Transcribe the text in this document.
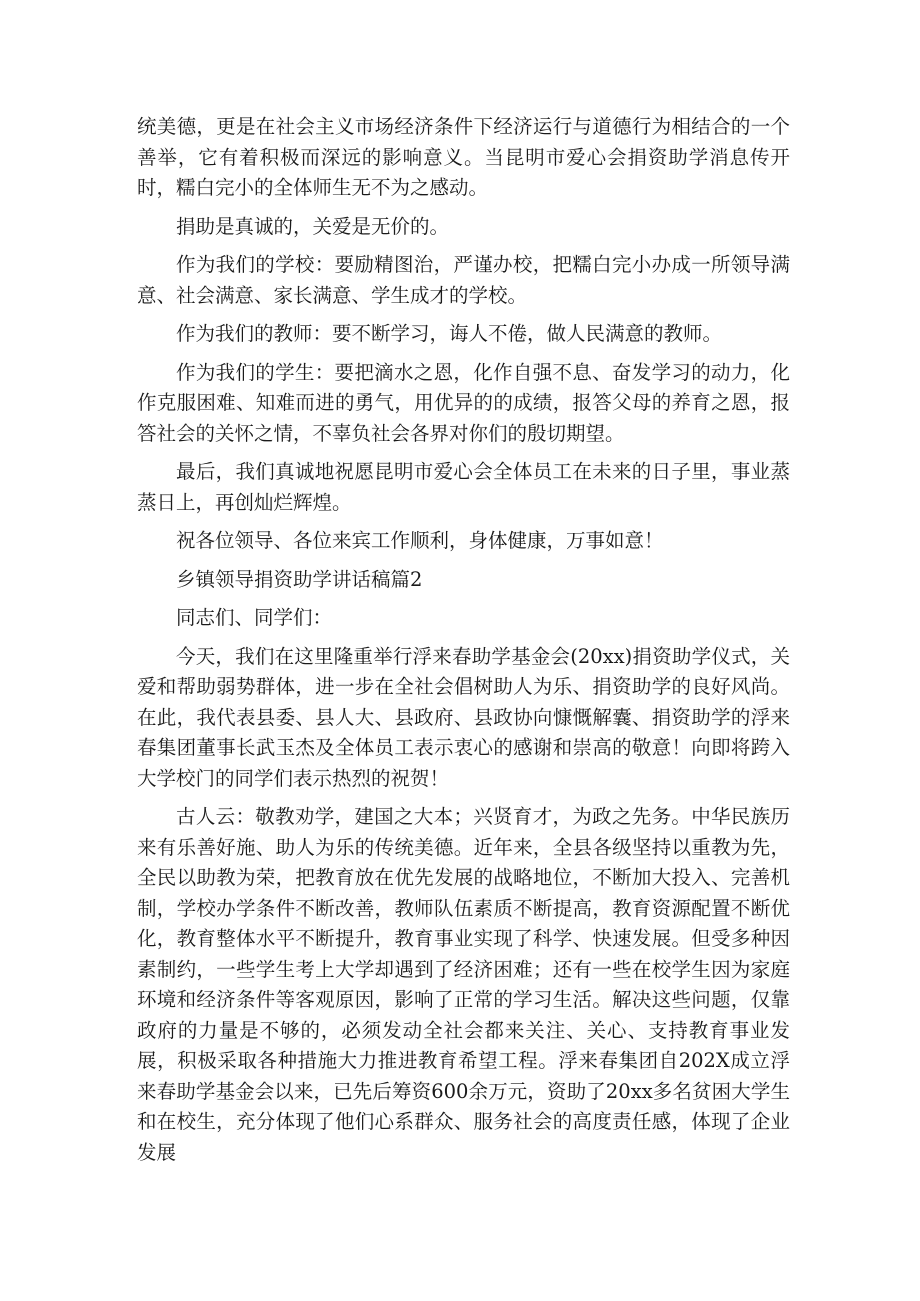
统美德，更是在社会主义市场经济条件下经济运行与道德行为相结合的一个善举，它有着积极而深远的影响意义。当昆明市爱心会捐资助学消息传开时，糯白完小的全体师生无不为之感动。

捐助是真诚的，关爱是无价的。

作为我们的学校：要励精图治，严谨办校，把糯白完小办成一所领导满意、社会满意、家长满意、学生成才的学校。

作为我们的教师：要不断学习，诲人不倦，做人民满意的教师。

作为我们的学生：要把滴水之恩，化作自强不息、奋发学习的动力，化作克服困难、知难而进的勇气，用优异的的成绩，报答父母的养育之恩，报答社会的关怀之情，不辜负社会各界对你们的殷切期望。

最后，我们真诚地祝愿昆明市爱心会全体员工在未来的日子里，事业蒸蒸日上，再创灿烂辉煌。

祝各位领导、各位来宾工作顺利，身体健康，万事如意！

乡镇领导捐资助学讲话稿篇2

同志们、同学们：

今天，我们在这里隆重举行浮来春助学基金会(20xx)捐资助学仪式，关爱和帮助弱势群体，进一步在全社会倡树助人为乐、捐资助学的良好风尚。在此，我代表县委、县人大、县政府、县政协向慷慨解囊、捐资助学的浮来春集团董事长武玉杰及全体员工表示衷心的感谢和崇高的敬意！向即将跨入大学校门的同学们表示热烈的祝贺！

古人云：敬教劝学，建国之大本；兴贤育才，为政之先务。中华民族历来有乐善好施、助人为乐的传统美德。近年来，全县各级坚持以重教为先，全民以助教为荣，把教育放在优先发展的战略地位，不断加大投入、完善机制，学校办学条件不断改善，教师队伍素质不断提高，教育资源配置不断优化，教育整体水平不断提升，教育事业实现了科学、快速发展。但受多种因素制约，一些学生考上大学却遇到了经济困难；还有一些在校学生因为家庭环境和经济条件等客观原因，影响了正常的学习生活。解决这些问题，仅靠政府的力量是不够的，必须发动全社会都来关注、关心、支持教育事业发展，积极采取各种措施大力推进教育希望工程。浮来春集团自202X成立浮来春助学基金会以来，已先后筹资600余万元，资助了20xx多名贫困大学生和在校生，充分体现了他们心系群众、服务社会的高度责任感，体现了企业发展
